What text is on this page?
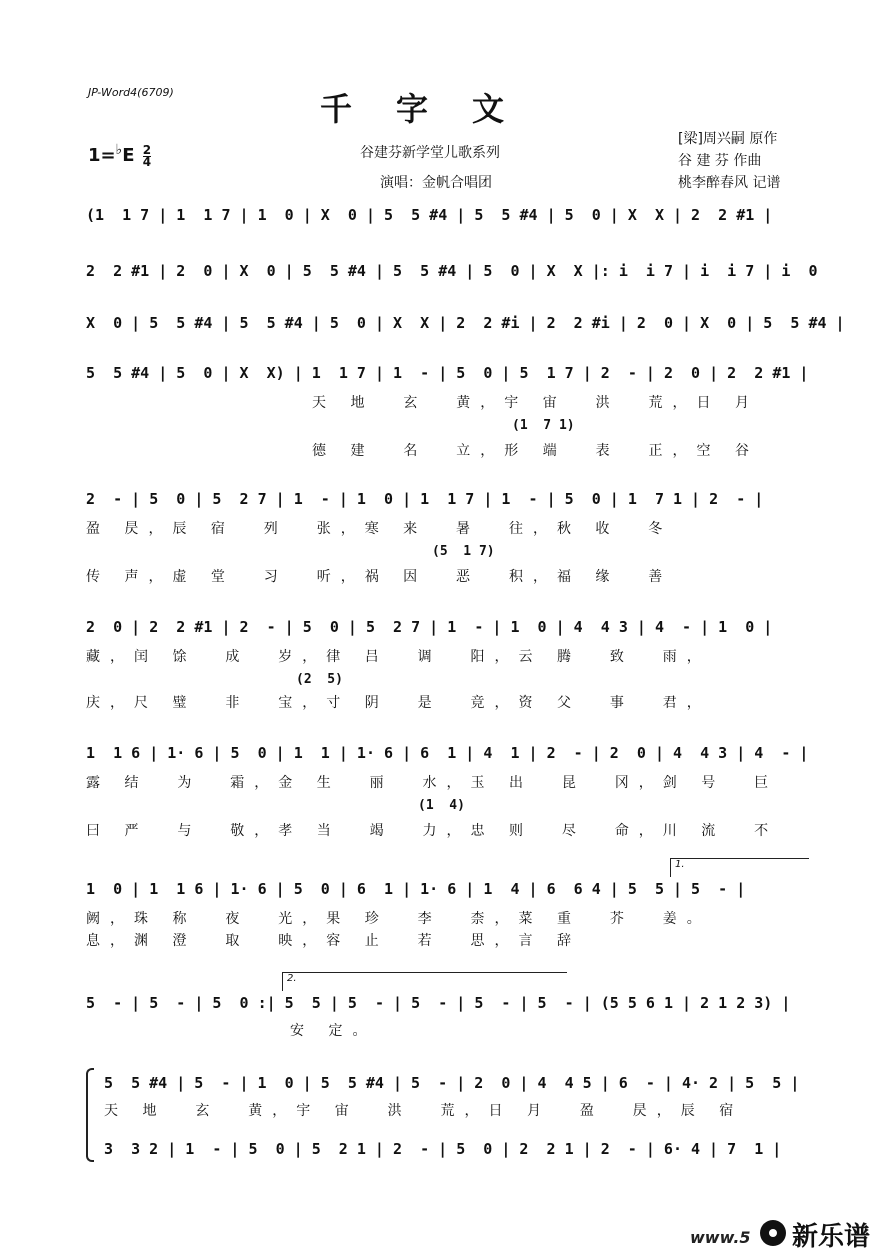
JP-Word4(6709)	千字文
$1=^♭E \frac{2}{4}$	谷建芬新学堂儿歌系列
演唱：金帆合唱团
[梁]周兴嗣 原作
谷 建 芬 作曲
桃李醉春风 记谱
(1  1 7 | 1  1 7 | 1  0 | X  0 | 5  5 #4 | 5  5 #4 | 5  0 | X  X | 2  2 #1 |
2  2 #1 | 2  0 | X  0 | 5  5 #4 | 5  5 #4 | 5  0 | X  X |: i  i 7 | i  i 7 | i  0
X  0 | 5  5 #4 | 5  5 #4 | 5  0 | X  X | 2  2 #i | 2  2 #i | 2  0 | X  0 | 5  5 #4 |
5  5 #4 | 5  0 | X  X) | 1  1 7 | 1  - | 5  0 | 5  1 7 | 2  - | 2  0 | 2  2 #1 |
天 地  玄  黄，宇 宙  洪  荒，日 月
(1  7 1)
德 建  名  立，形 端  表  正，空 谷
2  - | 5  0 | 5  2 7 | 1  - | 1  0 | 1  1 7 | 1  - | 5  0 | 1  7 1 | 2  - |
盈 昃，辰 宿  列  张，寒 来  暑  往，秋 收  冬
(5  1 7)
传 声，虚 堂  习  听，祸 因  恶  积，福 缘  善
2  0 | 2  2 #1 | 2  - | 5  0 | 5  2 7 | 1  - | 1  0 | 4  4 3 | 4  - | 1  0 |
藏，闰 馀  成  岁，律 吕  调  阳，云 腾  致  雨，
(2  5)
庆，尺 璧  非  宝，寸 阴  是  竞，资 父  事  君，
1  1 6 | 1· 6 | 5  0 | 1  1 | 1· 6 | 6  1 | 4  1 | 2  - | 2  0 | 4  4 3 | 4  - |
露 结  为  霜，金 生  丽  水，玉 出  昆  冈，剑 号  巨
(1  4)
曰 严  与  敬，孝 当  竭  力，忠 则  尽  命，川 流  不
1.
1  0 | 1  1 6 | 1· 6 | 5  0 | 6  1 | 1· 6 | 1  4 | 6  6 4 | 5  5 | 5  - |
阙，珠 称  夜  光，果 珍  李  柰，菜 重  芥  姜。
息，渊 澄  取  映，容 止  若  思，言 辞
2.
5  - | 5  - | 5  0 :| 5  5 | 5  - | 5  - | 5  - | 5  - | (5 5 6 1 | 2 1 2 3) |
安 定。
5  5 #4 | 5  - | 1  0 | 5  5 #4 | 5  - | 2  0 | 4  4 5 | 6  - | 4· 2 | 5  5 |
天 地  玄  黄，宇 宙  洪  荒，日 月  盈  昃，辰 宿
3  3 2 | 1  - | 5  0 | 5  2 1 | 2  - | 5  0 | 2  2 1 | 2  - | 6· 4 | 7  1 |
www.5 新乐谱
